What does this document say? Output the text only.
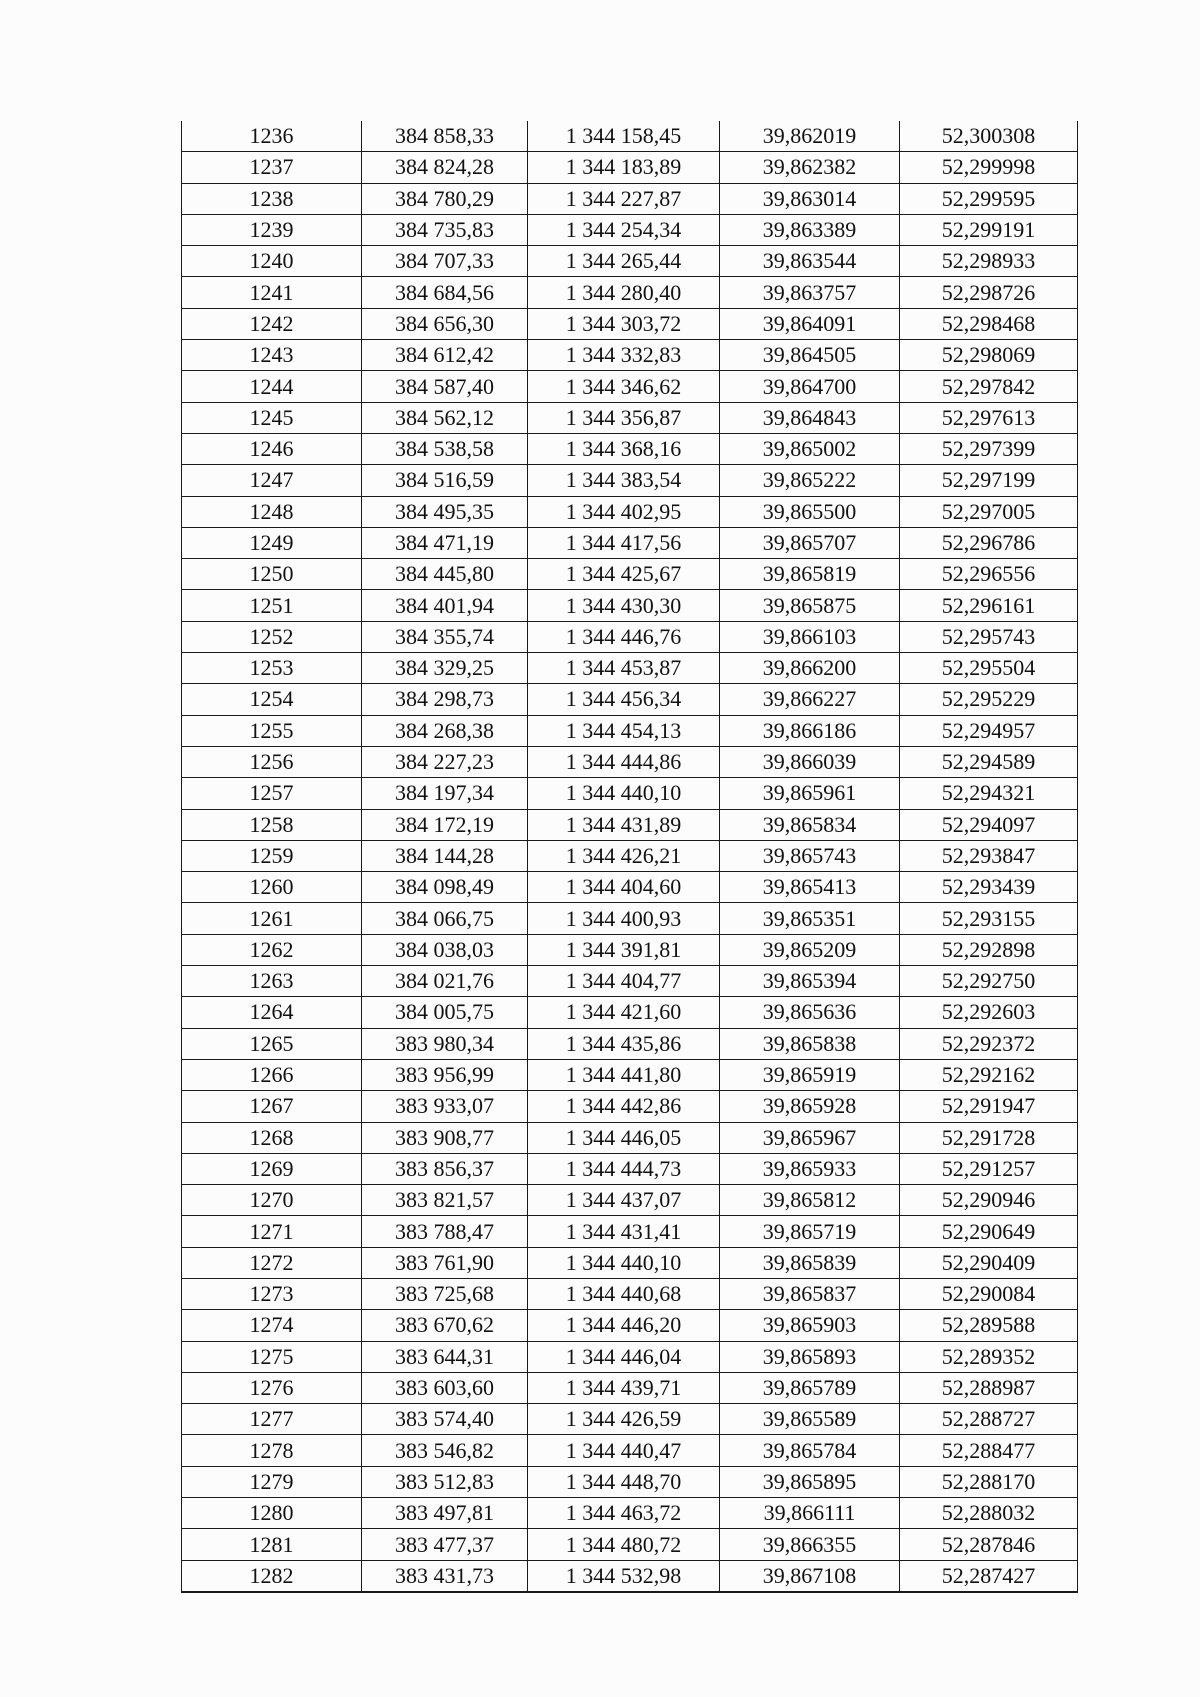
1236	384 858,33	1 344 158,45	39,862019	52,300308
1237	384 824,28	1 344 183,89	39,862382	52,299998
1238	384 780,29	1 344 227,87	39,863014	52,299595
1239	384 735,83	1 344 254,34	39,863389	52,299191
1240	384 707,33	1 344 265,44	39,863544	52,298933
1241	384 684,56	1 344 280,40	39,863757	52,298726
1242	384 656,30	1 344 303,72	39,864091	52,298468
1243	384 612,42	1 344 332,83	39,864505	52,298069
1244	384 587,40	1 344 346,62	39,864700	52,297842
1245	384 562,12	1 344 356,87	39,864843	52,297613
1246	384 538,58	1 344 368,16	39,865002	52,297399
1247	384 516,59	1 344 383,54	39,865222	52,297199
1248	384 495,35	1 344 402,95	39,865500	52,297005
1249	384 471,19	1 344 417,56	39,865707	52,296786
1250	384 445,80	1 344 425,67	39,865819	52,296556
1251	384 401,94	1 344 430,30	39,865875	52,296161
1252	384 355,74	1 344 446,76	39,866103	52,295743
1253	384 329,25	1 344 453,87	39,866200	52,295504
1254	384 298,73	1 344 456,34	39,866227	52,295229
1255	384 268,38	1 344 454,13	39,866186	52,294957
1256	384 227,23	1 344 444,86	39,866039	52,294589
1257	384 197,34	1 344 440,10	39,865961	52,294321
1258	384 172,19	1 344 431,89	39,865834	52,294097
1259	384 144,28	1 344 426,21	39,865743	52,293847
1260	384 098,49	1 344 404,60	39,865413	52,293439
1261	384 066,75	1 344 400,93	39,865351	52,293155
1262	384 038,03	1 344 391,81	39,865209	52,292898
1263	384 021,76	1 344 404,77	39,865394	52,292750
1264	384 005,75	1 344 421,60	39,865636	52,292603
1265	383 980,34	1 344 435,86	39,865838	52,292372
1266	383 956,99	1 344 441,80	39,865919	52,292162
1267	383 933,07	1 344 442,86	39,865928	52,291947
1268	383 908,77	1 344 446,05	39,865967	52,291728
1269	383 856,37	1 344 444,73	39,865933	52,291257
1270	383 821,57	1 344 437,07	39,865812	52,290946
1271	383 788,47	1 344 431,41	39,865719	52,290649
1272	383 761,90	1 344 440,10	39,865839	52,290409
1273	383 725,68	1 344 440,68	39,865837	52,290084
1274	383 670,62	1 344 446,20	39,865903	52,289588
1275	383 644,31	1 344 446,04	39,865893	52,289352
1276	383 603,60	1 344 439,71	39,865789	52,288987
1277	383 574,40	1 344 426,59	39,865589	52,288727
1278	383 546,82	1 344 440,47	39,865784	52,288477
1279	383 512,83	1 344 448,70	39,865895	52,288170
1280	383 497,81	1 344 463,72	39,866111	52,288032
1281	383 477,37	1 344 480,72	39,866355	52,287846
1282	383 431,73	1 344 532,98	39,867108	52,287427
